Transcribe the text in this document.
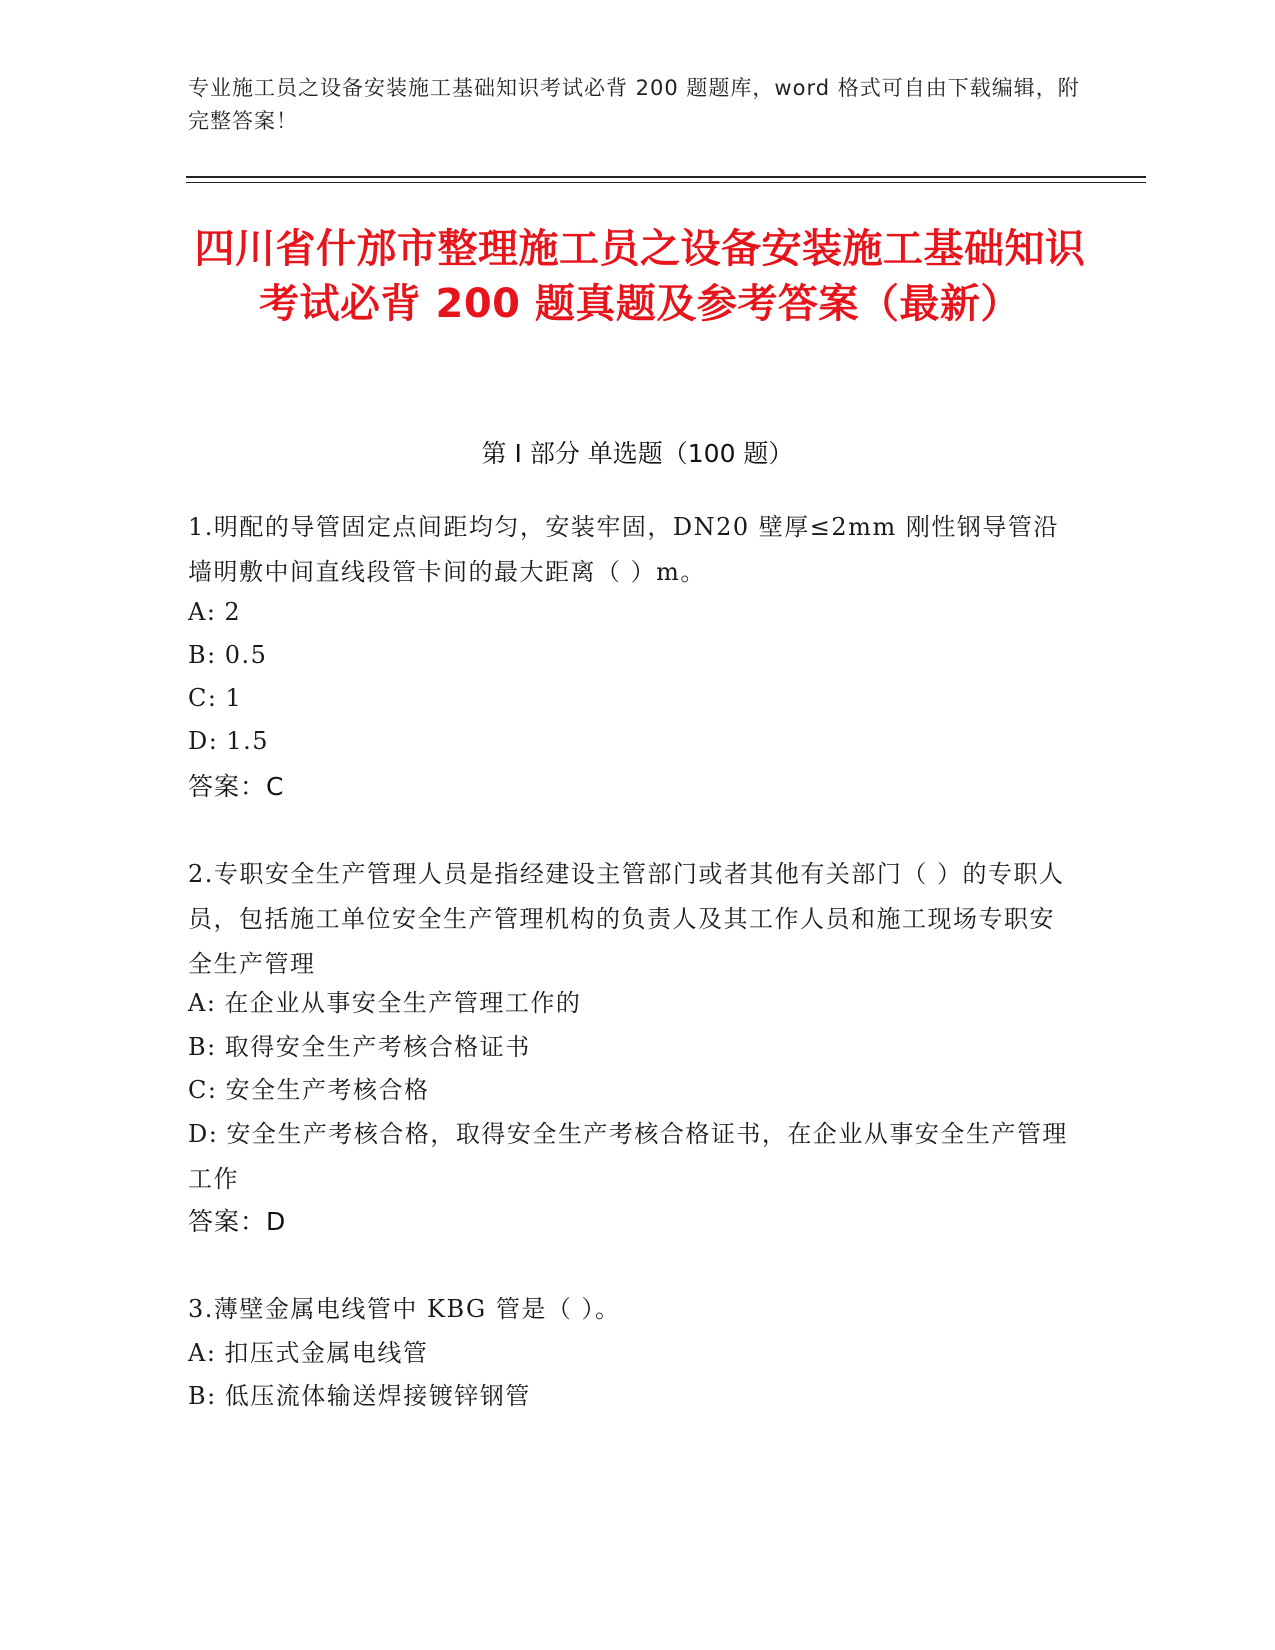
专业施工员之设备安装施工基础知识考试必背 200 题题库，word 格式可自由下载编辑，附完整答案！
四川省什邡市整理施工员之设备安装施工基础知识考试必背 200 题真题及参考答案（最新）
第 I 部分 单选题（100 题）
1.明配的导管固定点间距均匀，安装牢固，DN20 壁厚≤2mm 刚性钢导管沿墙明敷中间直线段管卡间的最大距离（ ）m。
A: 2
B: 0.5
C: 1
D: 1.5
答案：C
2.专职安全生产管理人员是指经建设主管部门或者其他有关部门（ ）的专职人员，包括施工单位安全生产管理机构的负责人及其工作人员和施工现场专职安全生产管理
A: 在企业从事安全生产管理工作的
B: 取得安全生产考核合格证书
C: 安全生产考核合格
D: 安全生产考核合格，取得安全生产考核合格证书，在企业从事安全生产管理工作
答案：D
3.薄壁金属电线管中 KBG 管是（ ）。
A: 扣压式金属电线管
B: 低压流体输送焊接镀锌钢管
